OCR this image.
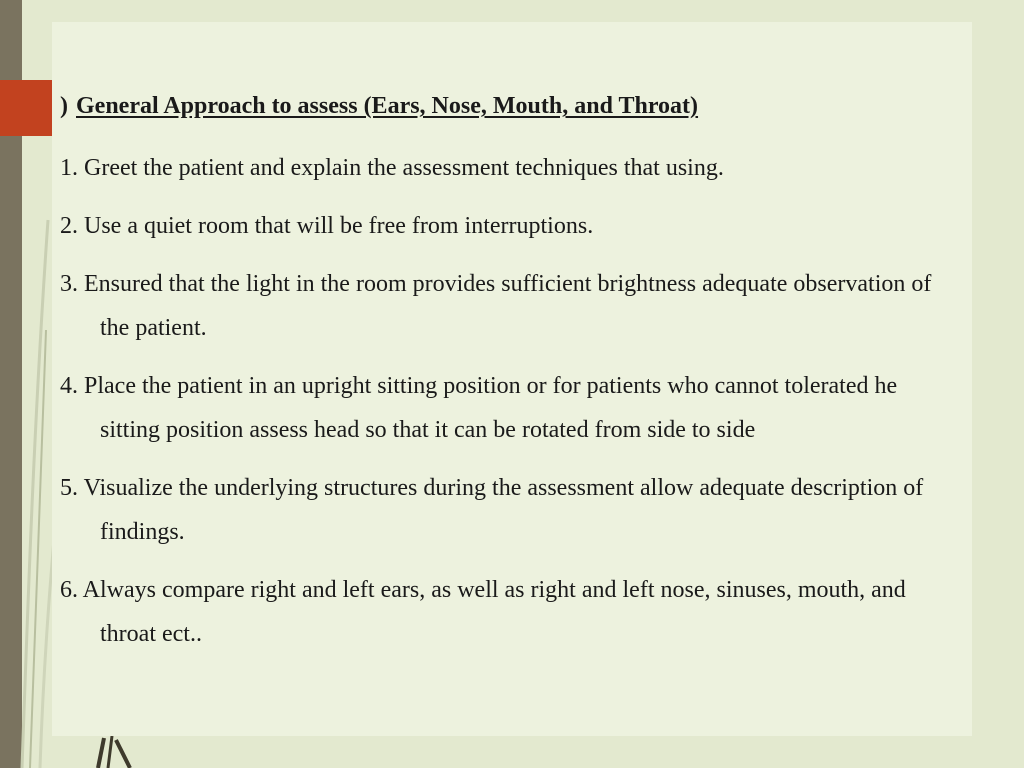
) General Approach to assess (Ears, Nose, Mouth, and Throat)
1. Greet the patient and explain the assessment techniques that using.
2. Use a quiet room that will be free from interruptions.
3. Ensured that the light in the room provides sufficient brightness adequate observation of the patient.
4. Place the patient in an upright sitting position or for patients who cannot tolerated he sitting position assess head so that it can be rotated from side to side
5. Visualize the underlying structures during the assessment allow adequate description of findings.
6. Always compare right and left ears, as well as right and left nose, sinuses, mouth, and throat ect..
